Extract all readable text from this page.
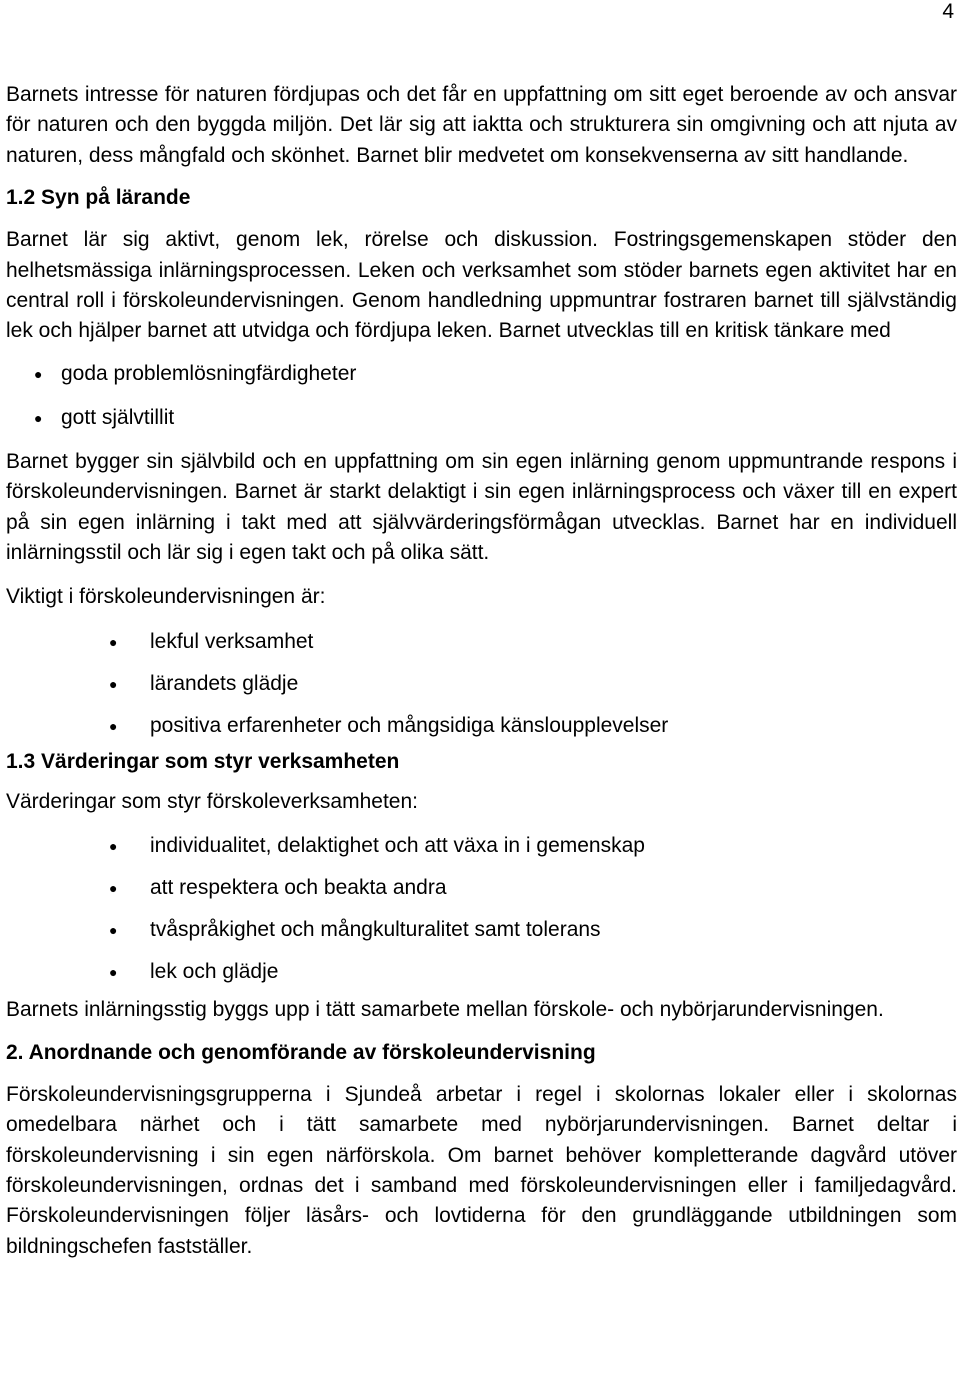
4

Barnets intresse för naturen fördjupas och det får en uppfattning om sitt eget beroende av och ansvar för naturen och den byggda miljön. Det lär sig att iaktta och strukturera sin omgivning och att njuta av naturen, dess mångfald och skönhet. Barnet blir medvetet om konsekvenserna av sitt handlande.

1.2 Syn på lärande

Barnet lär sig aktivt, genom lek, rörelse och diskussion. Fostringsgemenskapen stöder den helhetsmässiga inlärningsprocessen. Leken och verksamhet som stöder barnets egen aktivitet har en central roll i förskoleundervisningen. Genom handledning uppmuntrar fostraren barnet till självständig lek och hjälper barnet att utvidga och fördjupa leken. Barnet utvecklas till en kritisk tänkare med

● goda problemlösningfärdigheter
● gott självtillit

Barnet bygger sin självbild och en uppfattning om sin egen inlärning genom uppmuntrande respons i förskoleundervisningen. Barnet är starkt delaktigt i sin egen inlärningsprocess och växer till en expert på sin egen inlärning i takt med att självvärderingsförmågan utvecklas. Barnet har en individuell inlärningsstil och lär sig i egen takt och på olika sätt.

Viktigt i förskoleundervisningen är:

● lekful verksamhet
● lärandets glädje
● positiva erfarenheter och mångsidiga känsloupplevelser
1.3 Värderingar som styr verksamheten

Värderingar som styr förskoleverksamheten:

● individualitet, delaktighet och att växa in i gemenskap
● att respektera och beakta andra
● tvåspråkighet och mångkulturalitet samt tolerans
● lek och glädje

Barnets inlärningsstig byggs upp i tätt samarbete mellan förskole- och nybörjarundervisningen.

2. Anordnande och genomförande av förskoleundervisning

Förskoleundervisningsgrupperna i Sjundeå arbetar i regel i skolornas lokaler eller i skolornas omedelbara närhet och i tätt samarbete med nybörjarundervisningen. Barnet deltar i förskoleundervisning i sin egen närförskola. Om barnet behöver kompletterande dagvård utöver förskoleundervisningen, ordnas det i samband med förskoleundervisningen eller i familjedagvård. Förskoleundervisningen följer läsårs- och lovtiderna för den grundläggande utbildningen som bildningschefen fastställer.
